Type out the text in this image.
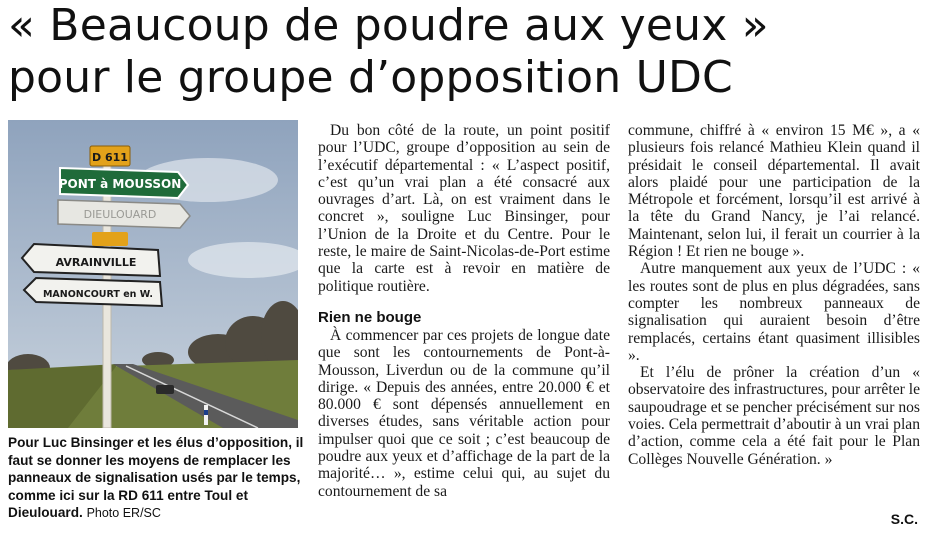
« Beaucoup de poudre aux yeux »
pour le groupe d’opposition UDC
D 611
PONT à MOUSSON
DIEULOUARD
AVRAINVILLE
MANONCOURT en W.
Pour Luc Binsinger et les élus d’opposition, il faut se donner les moyens de remplacer les panneaux de signalisation usés par le temps, comme ici sur la RD 611 entre Toul et Dieulouard. Photo ER/SC

Du bon côté de la route, un point positif pour l’UDC, groupe d’opposition au sein de l’exécutif départemental : « L’aspect positif, c’est qu’un vrai plan a été consacré aux ouvrages d’art. Là, on est vraiment dans le concret », souligne Luc Binsinger, pour l’Union de la Droite et du Centre. Pour le reste, le maire de Saint-Nicolas-de-Port estime que la carte est à revoir en matière de politique routière.

Rien ne bouge

À commencer par ces projets de longue date que sont les contournements de Pont-à-Mousson, Liverdun ou de la commune qu’il dirige. « Depuis des années, entre 20.000 € et 80.000 € sont dépensés annuellement en diverses études, sans véritable action pour impulser quoi que ce soit ; c’est beaucoup de poudre aux yeux et d’affichage de la part de la majorité… », estime celui qui, au sujet du contournement de sa

commune, chiffré à « environ 15 M€ », a « plusieurs fois relancé Mathieu Klein quand il présidait le conseil départemental. Il avait alors plaidé pour une participation de la Métropole et forcément, lorsqu’il est arrivé à la tête du Grand Nancy, je l’ai relancé. Maintenant, selon lui, il ferait un courrier à la Région ! Et rien ne bouge ».

Autre manquement aux yeux de l’UDC : « les routes sont de plus en plus dégradées, sans compter les nombreux panneaux de signalisation qui auraient besoin d’être remplacés, certains étant quasiment illisibles ».

Et l’élu de prôner la création d’un « observatoire des infrastructures, pour arrêter le saupoudrage et se pencher précisément sur nos voies. Cela permettrait d’aboutir à un vrai plan d’action, comme cela a été fait pour le Plan Collèges Nouvelle Génération. »

S.C.
